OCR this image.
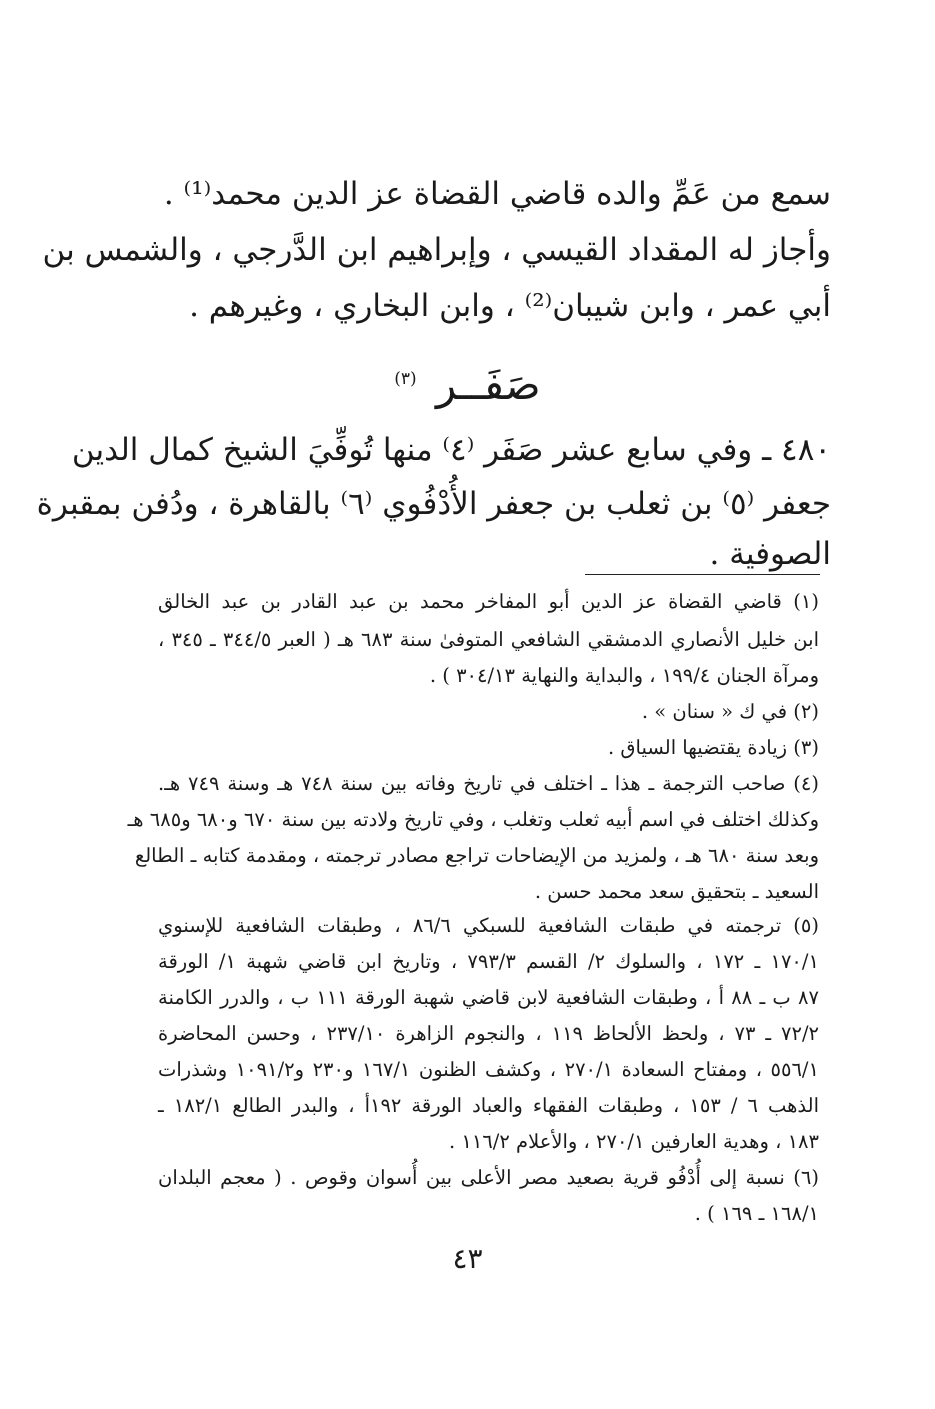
سمع من عَمِّ والده قاضي القضاة عز الدين محمد⁽¹⁾ .
وأجاز له المقداد القيسي ، وإبراهيم ابن الدَّرجي ، والشمس بن
أبي عمر ، وابن شيبان⁽²⁾ ، وابن البخاري ، وغيرهم .
صَفَــر $^{(٣)}$
٤٨٠ ـ وفي سابع عشر صَفَر ⁽٤⁾ منها تُوفِّيَ الشيخ كمال الدين
جعفر ⁽٥⁾ بن ثعلب بن جعفر الأُدْفُوي ⁽٦⁾ بالقاهرة ، ودُفن بمقبرة
الصوفية .
(١) قاضي القضاة عز الدين أبو المفاخر محمد بن عبد القادر بن عبد الخالق
ابن خليل الأنصاري الدمشقي الشافعي المتوفىٰ سنة ٦٨٣ هـ ( العبر ٣٤٤/٥ ـ ٣٤٥ ،
ومرآة الجنان ١٩٩/٤ ، والبداية والنهاية ٣٠٤/١٣ ) .
(٢) في ك « سنان » .
(٣) زيادة يقتضيها السياق .
(٤) صاحب الترجمة ـ هذا ـ اختلف في تاريخ وفاته بين سنة ٧٤٨ هـ وسنة ٧٤٩ هـ.
وكذلك اختلف في اسم أبيه ثعلب وتغلب ، وفي تاريخ ولادته بين سنة ٦٧٠ و٦٨٠ و٦٨٥ هـ
وبعد سنة ٦٨٠ هـ ، ولمزيد من الإيضاحات تراجع مصادر ترجمته ، ومقدمة كتابه ـ الطالع
السعيد ـ بتحقيق سعد محمد حسن .
(٥) ترجمته في طبقات الشافعية للسبكي ٨٦/٦ ، وطبقات الشافعية للإسنوي
١٧٠/١ ـ ١٧٢ ، والسلوك ٢/ القسم ٧٩٣/٣ ، وتاريخ ابن قاضي شهبة ١/ الورقة
٨٧ ب ـ ٨٨ أ ، وطبقات الشافعية لابن قاضي شهبة الورقة ١١١ ب ، والدرر الكامنة
٧٢/٢ ـ ٧٣ ، ولحظ الألحاظ ١١٩ ، والنجوم الزاهرة ٢٣٧/١٠ ، وحسن المحاضرة
٥٥٦/١ ، ومفتاح السعادة ٢٧٠/١ ، وكشف الظنون ١٦٧/١ و٢٣٠ و١٠٩١/٢ وشذرات
الذهب ٦ / ١٥٣ ، وطبقات الفقهاء والعباد الورقة ١٩٢أ ، والبدر الطالع ١٨٢/١ ـ
١٨٣ ، وهدية العارفين ٢٧٠/١ ، والأعلام ١١٦/٢ .
(٦) نسبة إلى أُدْفُو قرية بصعيد مصر الأعلى بين أُسوان وقوص . ( معجم البلدان
١٦٨/١ ـ ١٦٩ ) .
٤٣
